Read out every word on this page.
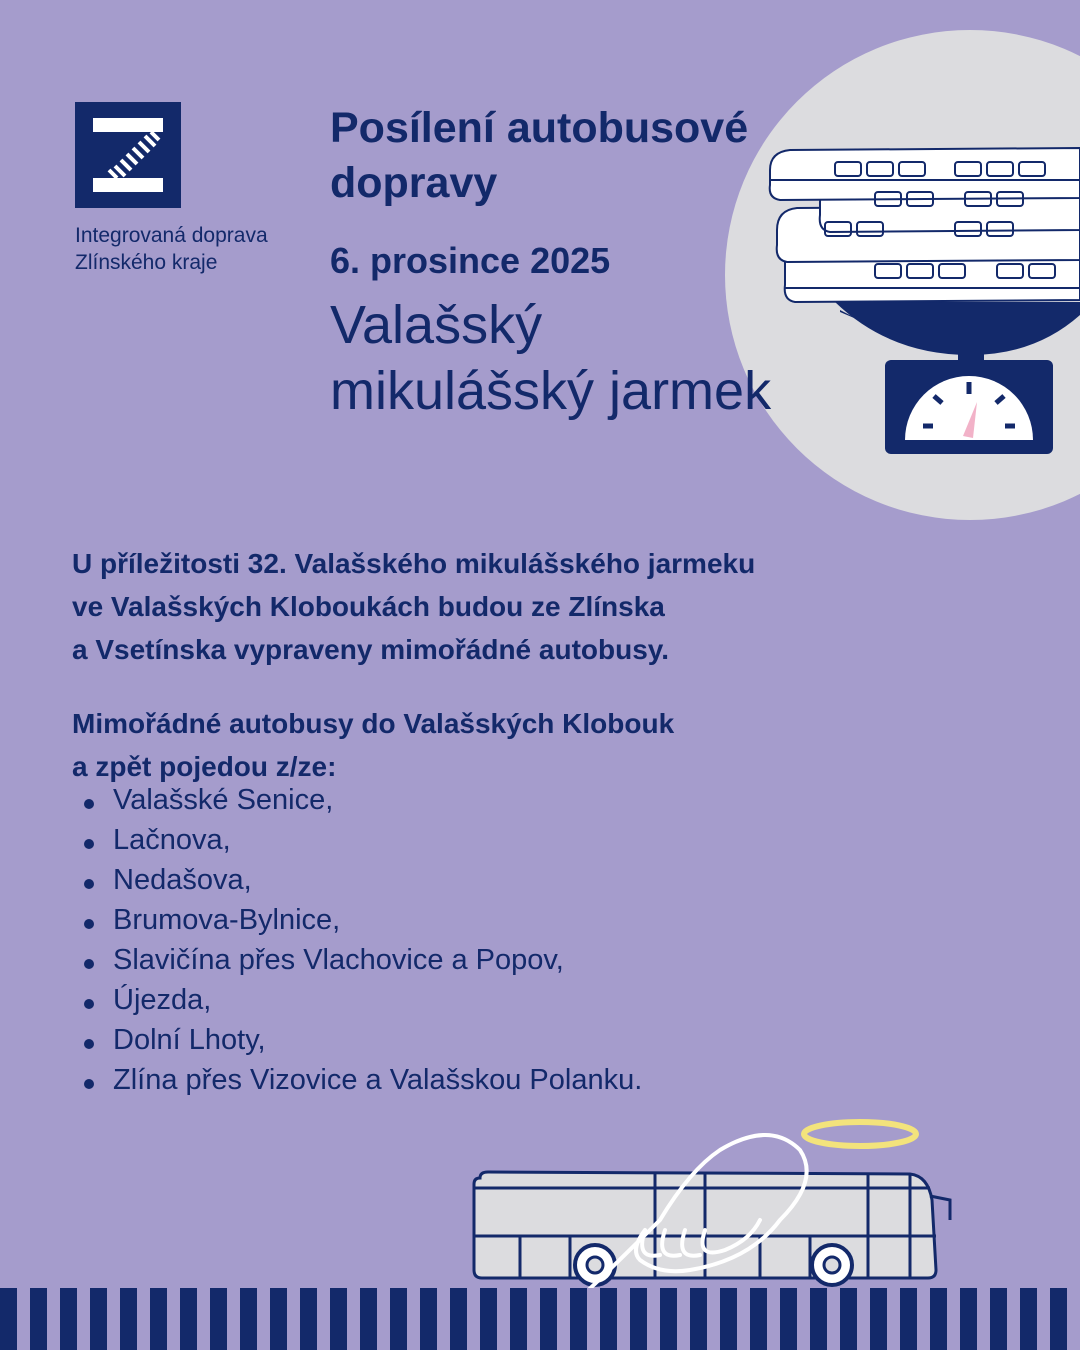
Integrovaná doprava
Zlínského kraje
Posílení autobusové
dopravy
6. prosince 2025
Valašský
mikulášský jarmek
U příležitosti 32. Valašského mikulášského jarmeku
ve Valašských Kloboukách budou ze Zlínska
a Vsetínska vypraveny mimořádné autobusy.
Mimořádné autobusy do Valašských Klobouk
a zpět pojedou z/ze:
Valašské Senice,
Lačnova,
Nedašova,
Brumova-Bylnice,
Slavičína přes Vlachovice a Popov,
Újezda,
Dolní Lhoty,
Zlína přes Vizovice a Valašskou Polanku.
